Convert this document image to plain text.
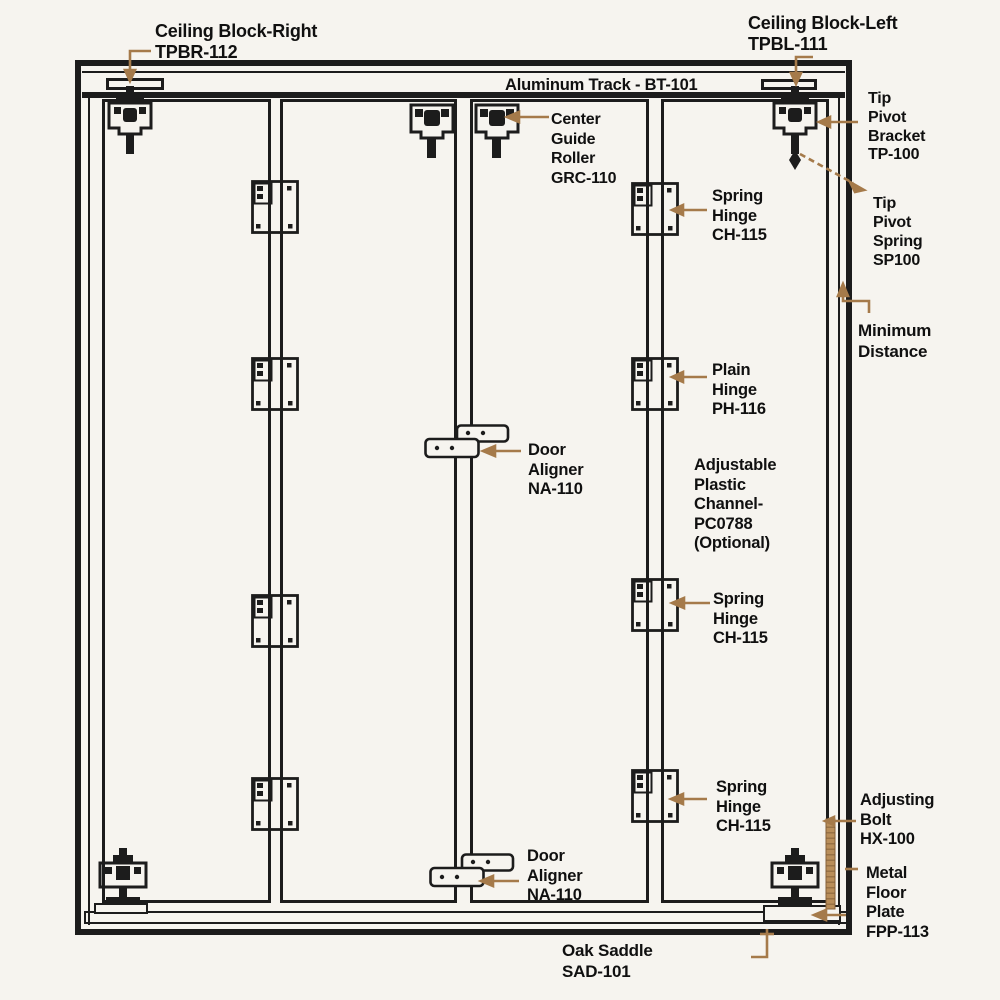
Ceiling Block-Right
TPBR-112
Ceiling Block-Left
TPBL-111
Aluminum Track - BT-101
Center
Guide
Roller
GRC-110
Tip
Pivot
Bracket
TP-100
Tip
Pivot
Spring
SP100
Spring
Hinge
CH-115
Minimum
Distance
Plain
Hinge
PH-116
Door
Aligner
NA-110
Adjustable
Plastic
Channel-
PC0788
(Optional)
Spring
Hinge
CH-115
Spring
Hinge
CH-115
Door
Aligner
NA-110
Adjusting
Bolt
HX-100
Metal
Floor
Plate
FPP-113
Oak Saddle
SAD-101
